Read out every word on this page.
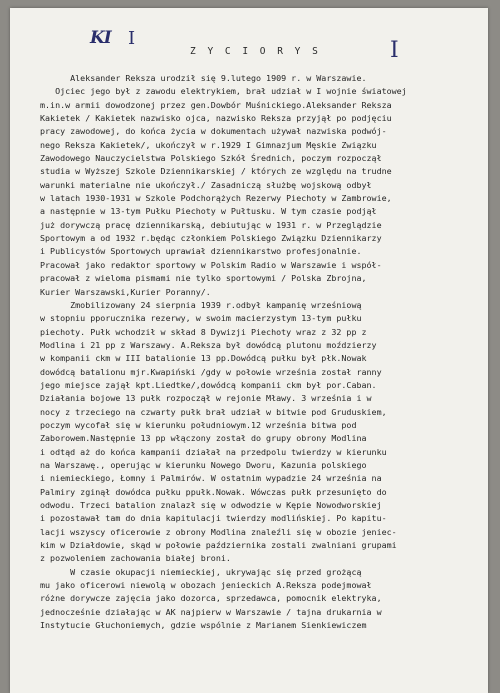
KI I	I
Z Y C I O R Y S
Aleksander Reksza urodził się 9.lutego 1909 r. w Warszawie.
Ojciec jego był z zawodu elektrykiem, brał udział w I wojnie światowej
m.in.w armii dowodzonej przez gen.Dowbór Muśnickiego.Aleksander Reksza
Kakietek / Kakietek nazwisko ojca, nazwisko Reksza przyjął po podjęciu
pracy zawodowej, do końca życia w dokumentach używał nazwiska podwój-
nego Reksza Kakietek/, ukończył w r.1929 I Gimnazjum Męskie Związku
Zawodowego Nauczycielstwa Polskiego Szkół Średnich, poczym rozpoczął
studia w Wyższej Szkole Dziennikarskiej / których ze względu na trudne
warunki materialne nie ukończył./ Zasadniczą służbę wojskową odbył
w latach 1930-1931 w Szkole Podchorążych Rezerwy Piechoty w Zambrowie,
a następnie w 13-tym Pułku Piechoty w Pułtusku. W tym czasie podjął
już dorywczą pracę dziennikarską, debiutując w 1931 r. w Przeglądzie
Sportowym a od 1932 r.będąc członkiem Polskiego Związku Dziennikarzy
i Publicystów Sportowych uprawiał dziennikarstwo profesjonalnie.
Pracował jako redaktor sportowy w Polskim Radio w Warszawie i współ-
pracował z wieloma pismami nie tylko sportowymi / Polska Zbrojna,
Kurier Warszawski,Kurier Poranny/.
Zmobilizowany 24 sierpnia 1939 r.odbył kampanię wrześniową
w stopniu pporucznika rezerwy, w swoim macierzystym 13-tym pułku
piechoty. Pułk wchodził w skład 8 Dywizji Piechoty wraz z 32 pp z
Modlina i 21 pp z Warszawy. A.Reksza był dowódcą plutonu moździerzy
w kompanii ckm w III batalionie 13 pp.Dowódcą pułku był płk.Nowak
dowódcą batalionu mjr.Kwapiński /gdy w połowie września został ranny
jego miejsce zajął kpt.Liedtke/,dowódcą kompanii ckm był por.Caban.
Działania bojowe 13 pułk rozpoczął w rejonie Mławy. 3 września i w
nocy z trzeciego na czwarty pułk brał udział w bitwie pod Gruduskiem,
poczym wycofał się w kierunku południowym.12 września bitwa pod
Zaborowem.Następnie 13 pp włączony został do grupy obrony Modlina
i odtąd aż do końca kampanii działał na przedpolu twierdzy w kierunku
na Warszawę., operując w kierunku Nowego Dworu, Kazunia polskiego
i niemieckiego, Łomny i Palmirów. W ostatnim wypadzie 24 września na
Palmiry zginął dowódca pułku ppułk.Nowak. Wówczas pułk przesunięto do
odwodu. Trzeci batalion znalazł się w odwodzie w Kępie Nowodworskiej
i pozostawał tam do dnia kapitulacji twierdzy modlińskiej. Po kapitu-
lacji wszyscy oficerowie z obrony Modlina znaleźli się w obozie jeniec-
kim w Działdowie, skąd w połowie października zostali zwalniani grupami
z pozwoleniem zachowania białej broni.
W czasie okupacji niemieckiej, ukrywając się przed grożącą
mu jako oficerowi niewolą w obozach jenieckich A.Reksza podejmował
różne dorywcze zajęcia jako dozorca, sprzedawca, pomocnik elektryka,
jednocześnie działając w AK najpierw w Warszawie / tajna drukarnia w
Instytucie Głuchoniemych, gdzie wspólnie z Marianem Sienkiewiczem
